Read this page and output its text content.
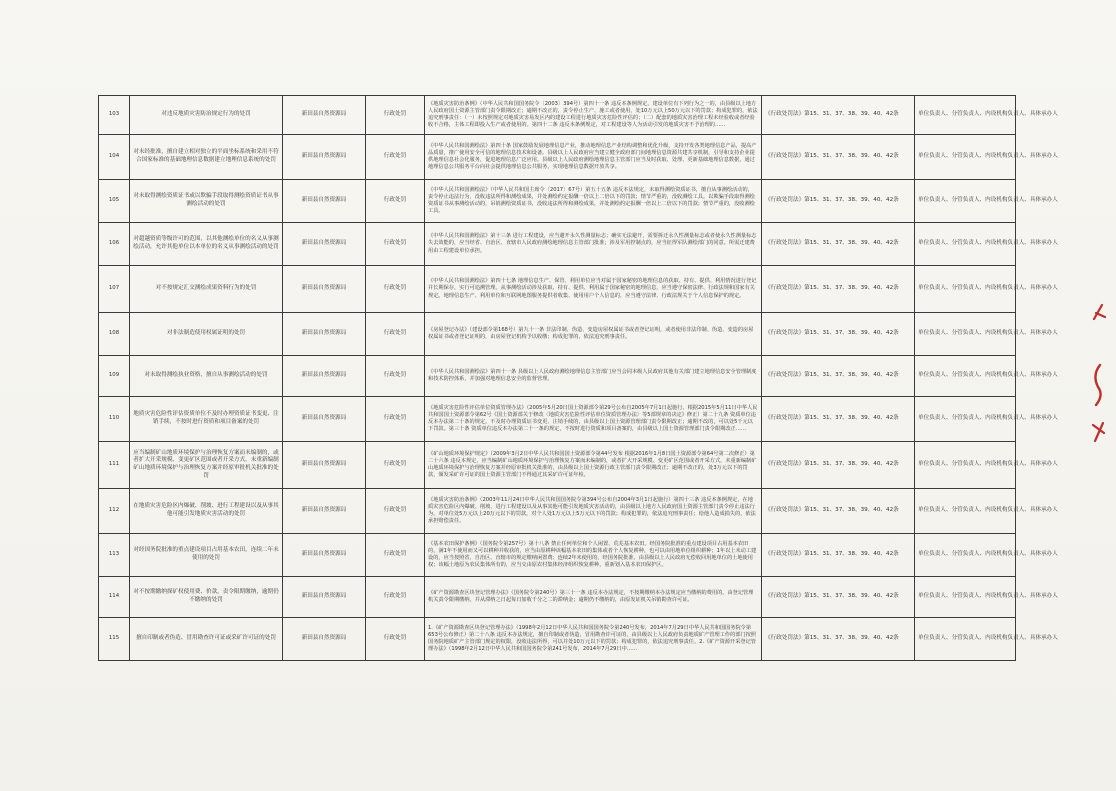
103	对违反地质灾害防治规定行为的处罚	新田县自然资源局	行政处罚	《地质灾害防治条例》（中华人民共和国国务院令〔2003〕394号）第四十一条 违反本条例规定，建设单位有下列行为之一的，由县级以上地方人民政府国土资源主管部门责令限期改正；逾期不改正的，责令停止生产、施工或者使用，处10万元以上50万元以下的罚款；构成犯罪的，依法追究刑事责任：（一）未按照规定对地质灾害易发区内的建设工程进行地质灾害危险性评估的；（二）配套的地质灾害治理工程未经验收或者经验收不合格，主体工程即投入生产或者使用的。第四十二条 违反本条例规定，对工程建设等人为活动引发的地质灾害不予治理的……	《行政处罚法》第15、31、37、38、39、40、42条	单位负责人、分管负责人、内设机构负责人、具体承办人
104	对未经批准，擅自建立相对独立的平面坐标系统和采用不符合国家标准的基础地理信息数据建立地理信息系统的处罚	新田县自然资源局	行政处罚	《中华人民共和国测绘法》第四十条 国家鼓励发展地理信息产业，推动地理信息产业结构调整和优化升级，支持开发各类地理信息产品，提高产品质量，推广使用安全可信的地理信息技术和设备。县级以上人民政府应当建立健全政府部门间地理信息资源共建共享机制，引导和支持企业提供地理信息社会化服务，促进地理信息广泛应用。县级以上人民政府测绘地理信息主管部门应当及时获取、处理、更新基础地理信息数据，通过地理信息公共服务平台向社会提供地理信息公共服务，实现地理信息数据开放共享。	《行政处罚法》第15、31、37、38、39、40、42条	单位负责人、分管负责人、内设机构负责人、具体承办人
105	对未取得测绘资质证书或以欺骗手段取得测绘资质证书从事测绘活动的处罚	新田县自然资源局	行政处罚	《中华人民共和国测绘法》（中华人民共和国主席令〔2017〕67号）第五十五条 违反本法规定，未取得测绘资质证书，擅自从事测绘活动的，责令停止违法行为，没收违法所得和测绘成果，并处测绘约定报酬一倍以上二倍以下的罚款；情节严重的，没收测绘工具。以欺骗手段取得测绘资质证书从事测绘活动的，吊销测绘资质证书，没收违法所得和测绘成果，并处测绘约定报酬一倍以上二倍以下的罚款；情节严重的，没收测绘工具。	《行政处罚法》第15、31、37、38、39、40、42条	单位负责人、分管负责人、内设机构负责人、具体承办人
106	对超越资质等级许可的范围，以其他测绘单位的名义从事测绘活动，允许其他单位以本单位的名义从事测绘活动的处罚	新田县自然资源局	行政处罚	《中华人民共和国测绘法》第十三条 进行工程建设，应当避开永久性测量标志；确实无法避开，需要拆迁永久性测量标志或者使永久性测量标志失去效能的，应当经省、自治区、直辖市人民政府测绘地理信息主管部门批准；涉及军用控制点的，应当征得军队测绘部门的同意。所需迁建费用由工程建设单位承担。	《行政处罚法》第15、31、37、38、39、40、42条	单位负责人、分管负责人、内设机构负责人、具体承办人
107	对不按规定汇交测绘成果资料行为的处罚	新田县自然资源局	行政处罚	《中华人民共和国测绘法》第四十七条 地理信息生产、保管、利用单位应当对属于国家秘密的地理信息的获取、持有、提供、利用情况进行登记并长期保存，实行可追溯管理。从事测绘活动涉及获取、持有、提供、利用属于国家秘密的地理信息，应当遵守保密法律、行政法规和国家有关规定。地理信息生产、利用单位和互联网地图服务提供者收集、使用用户个人信息的，应当遵守法律、行政法规关于个人信息保护的规定。	《行政处罚法》第15、31、37、38、39、40、42条	单位负责人、分管负责人、内设机构负责人、具体承办人
108	对非法制造使用权属证明的处罚	新田县自然资源局	行政处罚	《房屋登记办法》（建设部令第168号）第九十一条 非法印制、伪造、变造房屋权属证书或者登记证明，或者使用非法印制、伪造、变造的房屋权属证书或者登记证明的，由房屋登记机构予以收缴；构成犯罪的，依法追究刑事责任。	《行政处罚法》第15、31、37、38、39、40、42条	单位负责人、分管负责人、内设机构负责人、具体承办人
109	对未取得测绘执业资格，擅自从事测绘活动的处罚	新田县自然资源局	行政处罚	《中华人民共和国测绘法》第四十一条 县级以上人民政府测绘地理信息主管部门应当会同本级人民政府其他有关部门建立地理信息安全管理制度和技术防控体系，并加强对地理信息安全的监督管理。	《行政处罚法》第15、31、37、38、39、40、42条	单位负责人、分管负责人、内设机构负责人、具体承办人
110	地质灾害危险性评估资质单位不及时办理资质证书变更、注销手续，不按时进行资质和项目备案的处罚	新田县自然资源局	行政处罚	《地质灾害危险性评估单位资质管理办法》（2005年5月20日国土资源部令第29号公布自2005年7月1日起施行，根据2015年5月11日中华人民共和国国土资源部令第62号《国土资源部关于修改〈地质灾害危险性评估单位资质管理办法〉等5部规章的决定》修正）第二十九条 资质单位违反本办法第二十条的规定，不及时办理资质证书变更、注销手续的，由县级以上国土资源管理部门责令限期改正；逾期不改的，可以处5千元以下罚款。第三十条 资质单位违反本办法第二十一条的规定，不按时进行资质和项目备案的，由县级以上国土资源管理部门责令限期改正……	《行政处罚法》第15、31、37、38、39、40、42条	单位负责人、分管负责人、内设机构负责人、具体承办人
111	应当编制矿山地质环境保护与治理恢复方案而未编制的，或者扩大开采规模、变更矿区范围或者开采方式，未重新编制矿山地质环境保护与治理恢复方案并经原审批机关批准的处罚	新田县自然资源局	行政处罚	《矿山地质环境保护规定》（2009年3月2日中华人民共和国国土资源部令第44号发布 根据2016年1月8日国土资源部令第64号第二次修正）第二十六条 违反本规定，应当编制矿山地质环境保护与治理恢复方案而未编制的，或者扩大开采规模、变更矿区范围或者开采方式，未重新编制矿山地质环境保护与治理恢复方案并经原审批机关批准的，由县级以上国土资源行政主管部门责令限期改正；逾期不改正的，处3万元以下的罚款，颁发采矿许可证的国土资源主管部门不得通过其采矿许可证年检。	《行政处罚法》第15、31、37、38、39、40、42条	单位负责人、分管负责人、内设机构负责人、具体承办人
112	在地质灾害危险区内爆破、削坡、进行工程建设以及从事其他可能引发地质灾害活动的处罚	新田县自然资源局	行政处罚	《地质灾害防治条例》（2003年11月24日中华人民共和国国务院令第394号公布自2004年3月1日起施行）第四十三条 违反本条例规定，在地质灾害危险区内爆破、削坡、进行工程建设以及从事其他可能引发地质灾害活动的，由县级以上地方人民政府国土资源主管部门责令停止违法行为，对单位处5万元以上20万元以下的罚款，对个人处1万元以上5万元以下的罚款；构成犯罪的，依法追究刑事责任；给他人造成损失的，依法承担赔偿责任。	《行政处罚法》第15、31、37、38、39、40、42条	单位负责人、分管负责人、内设机构负责人、具体承办人
113	对经国务院批准的重点建设项目占用基本农田，连续二年未使用的处罚	新田县自然资源局	行政处罚	《基本农田保护条例》（国务院令第257号）第十八条 禁止任何单位和个人闲置、荒芜基本农田。经国务院批准的重点建设项目占用基本农田的，满1年不使用而又可以耕种并收获的，应当由原耕种该幅基本农田的集体或者个人恢复耕种，也可以由用地单位组织耕种；1年以上未动工建设的，应当按照省、自治区、直辖市的规定缴纳闲置费；连续2年未使用的，经国务院批准，由县级以上人民政府无偿收回用地单位的土地使用权；该幅土地原为农民集体所有的，应当交由原农村集体经济组织恢复耕种，重新划入基本农田保护区。	《行政处罚法》第15、31、37、38、39、40、42条	单位负责人、分管负责人、内设机构负责人、具体承办人
114	对不按期缴纳探矿权使用费、价款，责令限期缴纳，逾期仍不缴纳的处罚	新田县自然资源局	行政处罚	《矿产资源勘查区块登记管理办法》（国务院令第240号）第三十一条 违反本办法规定，不按期缴纳本办法规定应当缴纳的费用的，由登记管理机关责令限期缴纳，并从滞纳之日起每日加收千分之二的滞纳金；逾期仍不缴纳的，由原发证机关吊销勘查许可证。	《行政处罚法》第15、31、37、38、39、40、42条	单位负责人、分管负责人、内设机构负责人、具体承办人
115	擅自印制或者伪造、冒用勘查许可证或采矿许可证的处罚	新田县自然资源局	行政处罚	1.《矿产资源勘查区块登记管理办法》（1998年2月12日中华人民共和国国务院令第240号发布，2014年7月29日中华人民共和国国务院令第653号公布修正）第二十八条 违反本办法规定，擅自印制或者伪造、冒用勘查许可证的，由县级以上人民政府负责地质矿产管理工作的部门按照国务院地质矿产主管部门规定的权限，没收违法所得，可以并处10万元以下的罚款；构成犯罪的，依法追究刑事责任。2.《矿产资源开采登记管理办法》（1998年2月12日中华人民共和国国务院令第241号发布，2014年7月29日中……	《行政处罚法》第15、31、37、38、39、40、42条	单位负责人、分管负责人、内设机构负责人、具体承办人
